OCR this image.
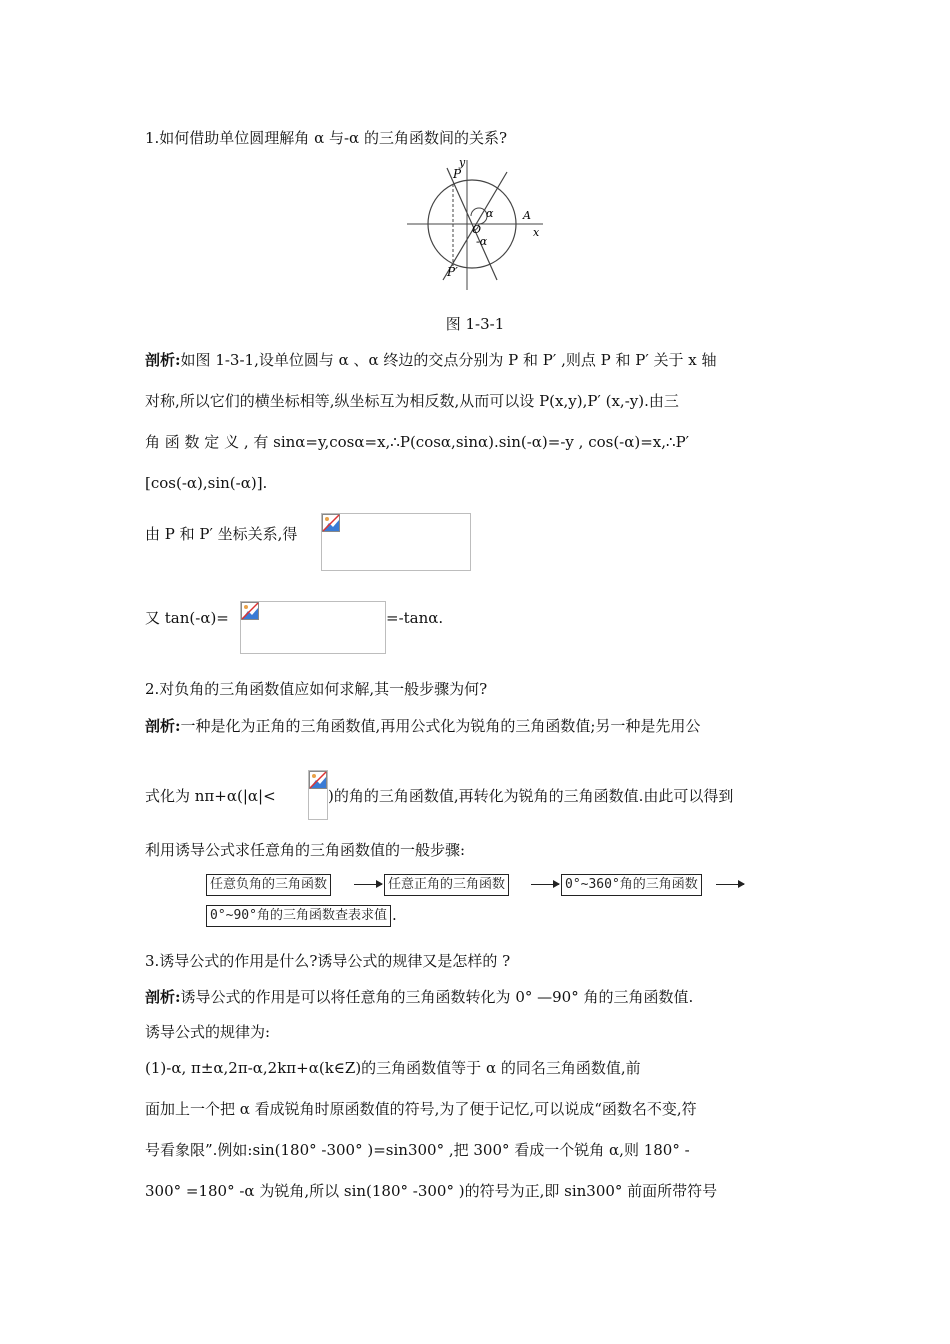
1.如何借助单位圆理解角 α 与-α 的三角函数间的关系?
P
P′
y
x
A
O
α
-α
图 1-3-1
剖析:如图 1-3-1,设单位圆与 α 、α 终边的交点分别为 P 和 P′ ,则点 P 和 P′ 关于 x 轴
对称,所以它们的横坐标相等,纵坐标互为相反数,从而可以设 P(x,y),P′ (x,-y).由三
角 函 数 定 义 , 有 sinα=y,cosα=x,∴P(cosα,sinα).sin(-α)=-y , cos(-α)=x,∴P′
[cos(-α),sin(-α)].
由 P 和 P′ 坐标关系,得
又 tan(-α)=	=-tanα.
2.对负角的三角函数值应如何求解,其一般步骤为何?
剖析:一种是化为正角的三角函数值,再用公式化为锐角的三角函数值;另一种是先用公
式化为 nπ+α(|α|<	)的角的三角函数值,再转化为锐角的三角函数值.由此可以得到
利用诱导公式求任意角的三角函数值的一般步骤:
任意负角的三角函数	任意正角的三角函数	0°~360°角的三角函数
0°~90°角的三角函数查表求值 .
3.诱导公式的作用是什么?诱导公式的规律又是怎样的 ?
剖析:诱导公式的作用是可以将任意角的三角函数转化为 0° —90° 角的三角函数值.
诱导公式的规律为:
(1)-α, π±α,2π-α,2kπ+α(k∈Z)的三角函数值等于 α 的同名三角函数值,前
面加上一个把 α 看成锐角时原函数值的符号,为了便于记忆,可以说成“函数名不变,符
号看象限”.例如:sin(180° -300° )=sin300° ,把 300° 看成一个锐角 α,则 180° -
300° =180° -α 为锐角,所以 sin(180° -300° )的符号为正,即 sin300° 前面所带符号
